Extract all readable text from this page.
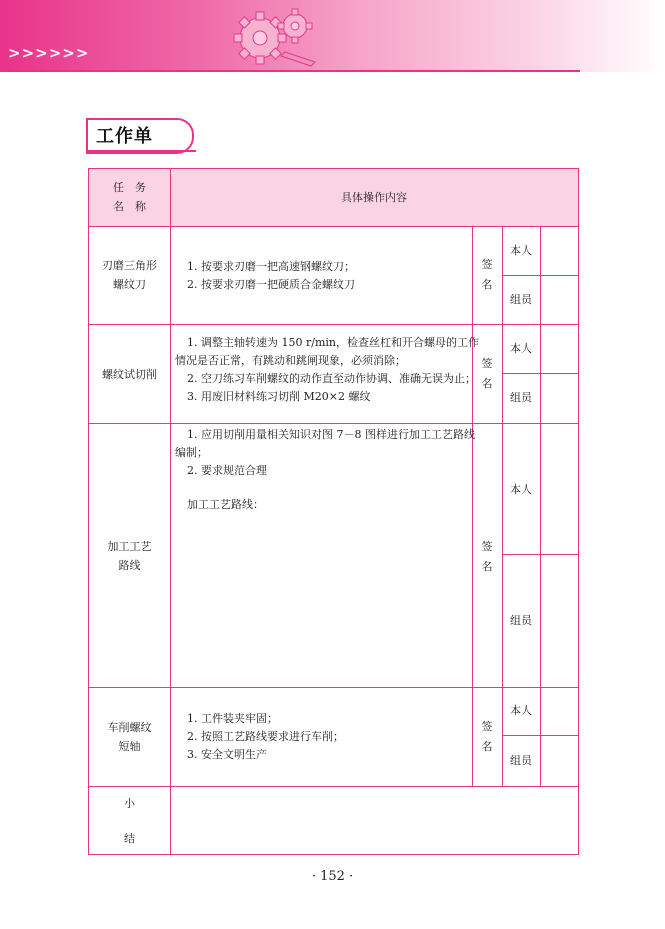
>>>>>>
工作单
任　务
名　称
具体操作内容
刃磨三角形
螺纹刀
1. 按要求刃磨一把高速钢螺纹刀；
2. 按要求刃磨一把硬质合金螺纹刀
签
名
本人
组员
螺纹试切削
1. 调整主轴转速为 150 r/min，检查丝杠和开合螺母的工作
情况是否正常，有跳动和跳闸现象，必须消除；
2. 空刀练习车削螺纹的动作直至动作协调、准确无误为止；
3. 用废旧材料练习切削 M20×2 螺纹
签
名
本人
组员
加工工艺
路线
1. 应用切削用量相关知识对图 7－8 图样进行加工工艺路线
编制；
2. 要求规范合理
加工工艺路线：
签
名
本人
组员
车削螺纹
短轴
1. 工件装夹牢固；
2. 按照工艺路线要求进行车削；
3. 安全文明生产
签
名
本人
组员
小
结
· 152 ·
